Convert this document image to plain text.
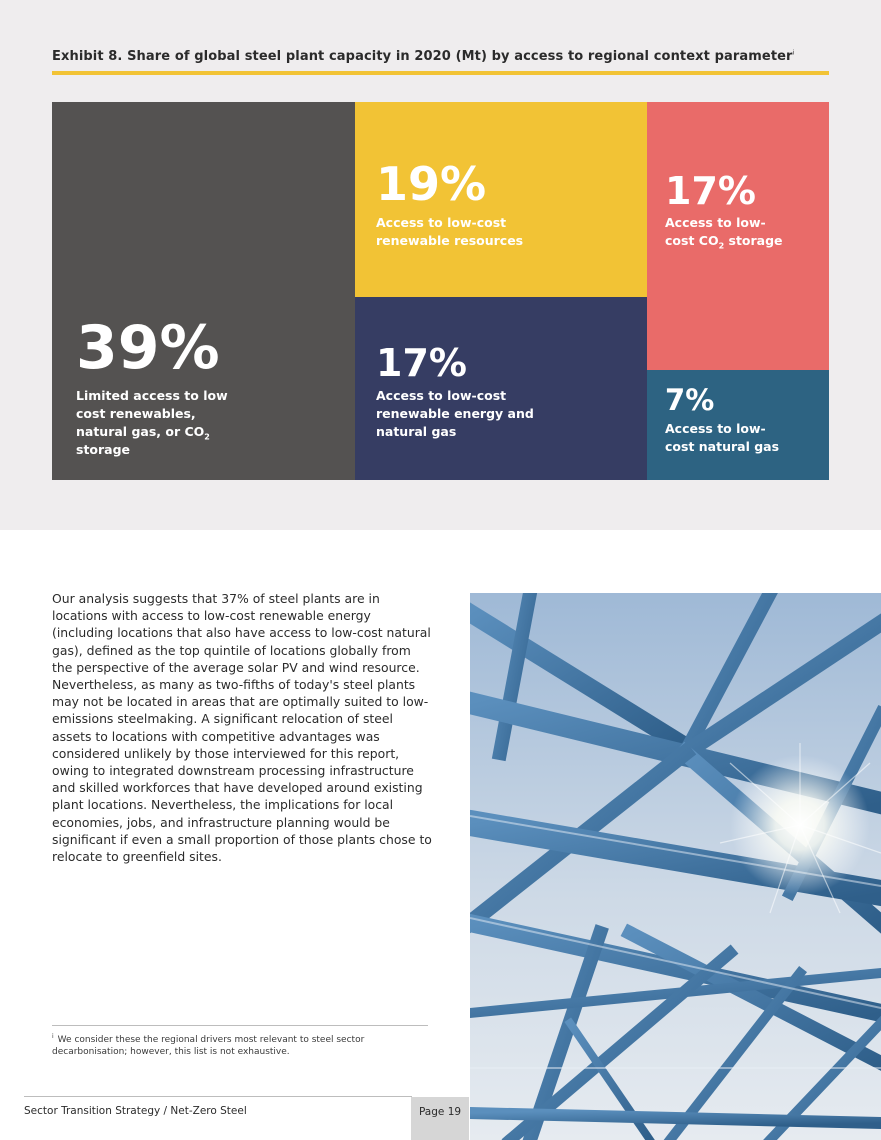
Exhibit 8. Share of global steel plant capacity in 2020 (Mt) by access to regional context parameter$^i$
39%
Limited access to low cost renewables, natural gas, or $CO_2$ storage
19%
Access to low-cost renewable resources
17%
Access to low-cost $CO_2$ storage
17%
Access to low-cost renewable energy and natural gas
7%
Access to low-cost natural gas
Our analysis suggests that 37% of steel plants are in locations with access to low-cost renewable energy (including locations that also have access to low-cost natural gas), defined as the top quintile of locations globally from the perspective of the average solar PV and wind resource. Nevertheless, as many as two-fifths of today's steel plants may not be located in areas that are optimally suited to low-emissions steelmaking. A significant relocation of steel assets to locations with competitive advantages was considered unlikely by those interviewed for this report, owing to integrated downstream processing infrastructure and skilled workforces that have developed around existing plant locations. Nevertheless, the implications for local economies, jobs, and infrastructure planning would be significant if even a small proportion of those plants chose to relocate to greenfield sites.
$^i$ We consider these the regional drivers most relevant to steel sector decarbonisation; however, this list is not exhaustive.
Sector Transition Strategy / Net-Zero Steel	Page 19
